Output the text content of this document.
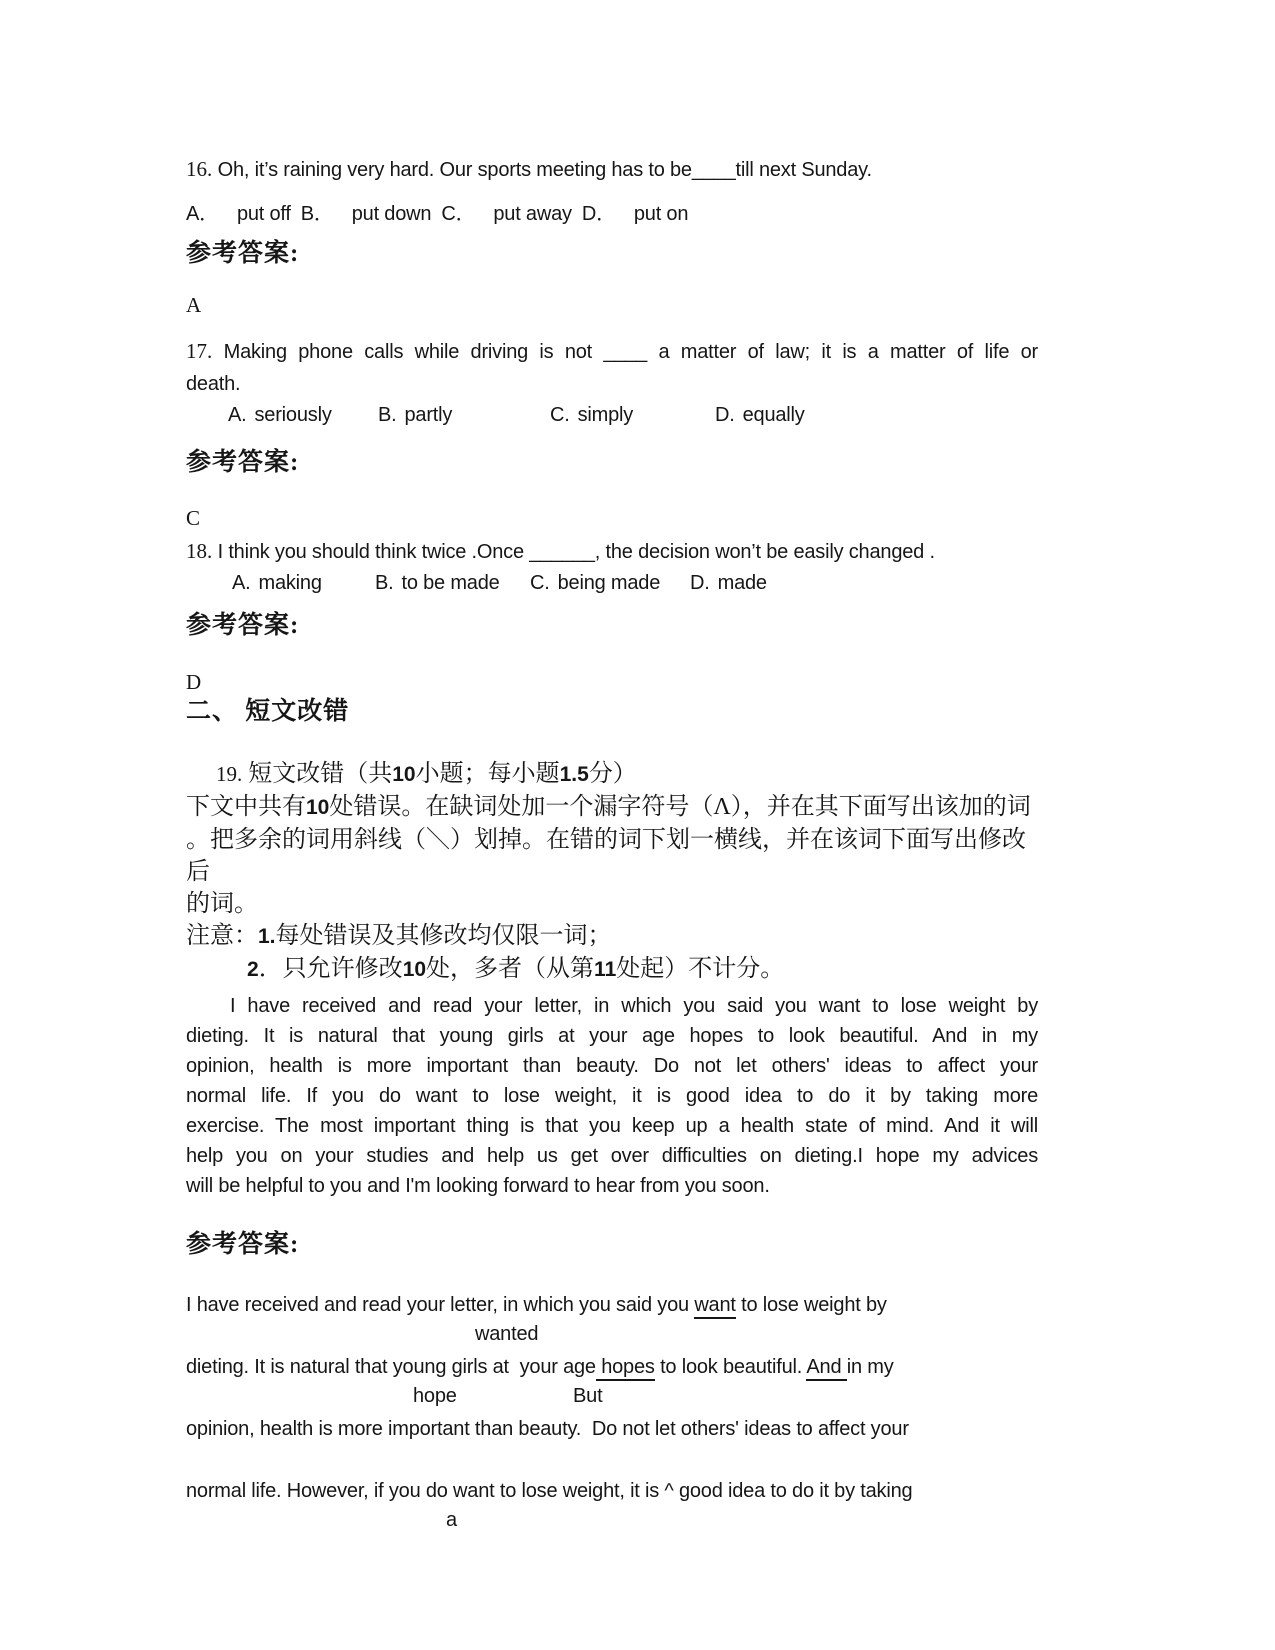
16. Oh, it’s raining very hard. Our sports meeting has to be____till next Sunday.
A． put off B． put down C． put away D． put on
参考答案:
A
17. Making phone calls while driving is not ____ a matter of law; it is a matter of life or
death.
A. seriously B. partly	C. simply	D. equally
参考答案:
C
18. I think you should think twice .Once ______, the decision won’t be easily changed .
A. making	B. to be made C. being made D. made
参考答案:
D
二、 短文改错
19. 短文改错（共10小题；每小题1.5分）
下文中共有10处错误。在缺词处加一个漏字符号（Λ），并在其下面写出该加的词
。把多余的词用斜线（＼）划掉。在错的词下划一横线，并在该词下面写出修改后
的词。
注意：1.每处错误及其修改均仅限一词；
2．只允许修改10处，多者（从第11处起）不计分。
I have received and read your letter, in which you said you want to lose weight by
dieting. It is natural that young girls at your age hopes to look beautiful. And in my
opinion, health is more important than beauty. Do not let others' ideas to affect your
normal life. If you do want to lose weight, it is good idea to do it by taking more
exercise. The most important thing is that you keep up a health state of mind. And it will
help you on your studies and help us get over difficulties on dieting.I hope my advices
will be helpful to you and I'm looking forward to hear from you soon.
参考答案:
I have received and read your letter, in which you said you want to lose weight by
wanted
dieting. It is natural that young girls at  your age hopes to look beautiful. And in my
hope	But
opinion, health is more important than beauty.  Do not let others' ideas to affect your
normal life. However, if you do want to lose weight, it is ^ good idea to do it by taking
a
